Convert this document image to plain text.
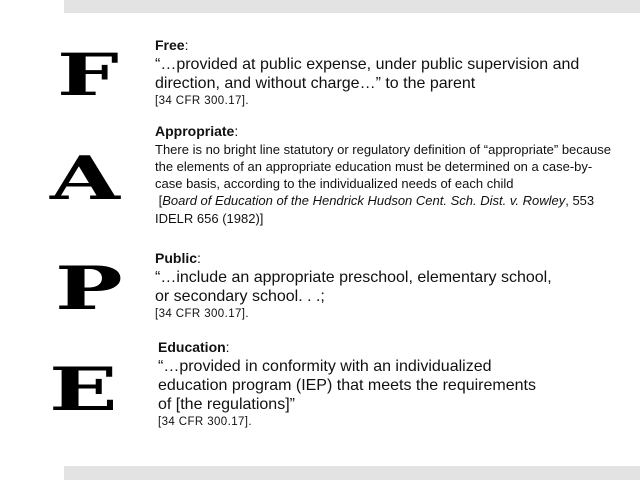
F
A
P
E
Free:
“…provided at public expense, under public supervision and direction, and without charge…” to the parent
[34 CFR 300.17].
Appropriate:
There is no bright line statutory or regulatory definition of “appropriate” because the elements of an appropriate education must be determined on a case-by-case basis, according to the individualized needs of each child
[Board of Education of the Hendrick Hudson Cent. Sch. Dist. v. Rowley, 553 IDELR 656 (1982)]
Public:
“…include an appropriate preschool, elementary school, or secondary school. . .;
[34 CFR 300.17].
Education:
“…provided in conformity with an individualized education program (IEP) that meets the requirements of [the regulations]”
[34 CFR 300.17].
